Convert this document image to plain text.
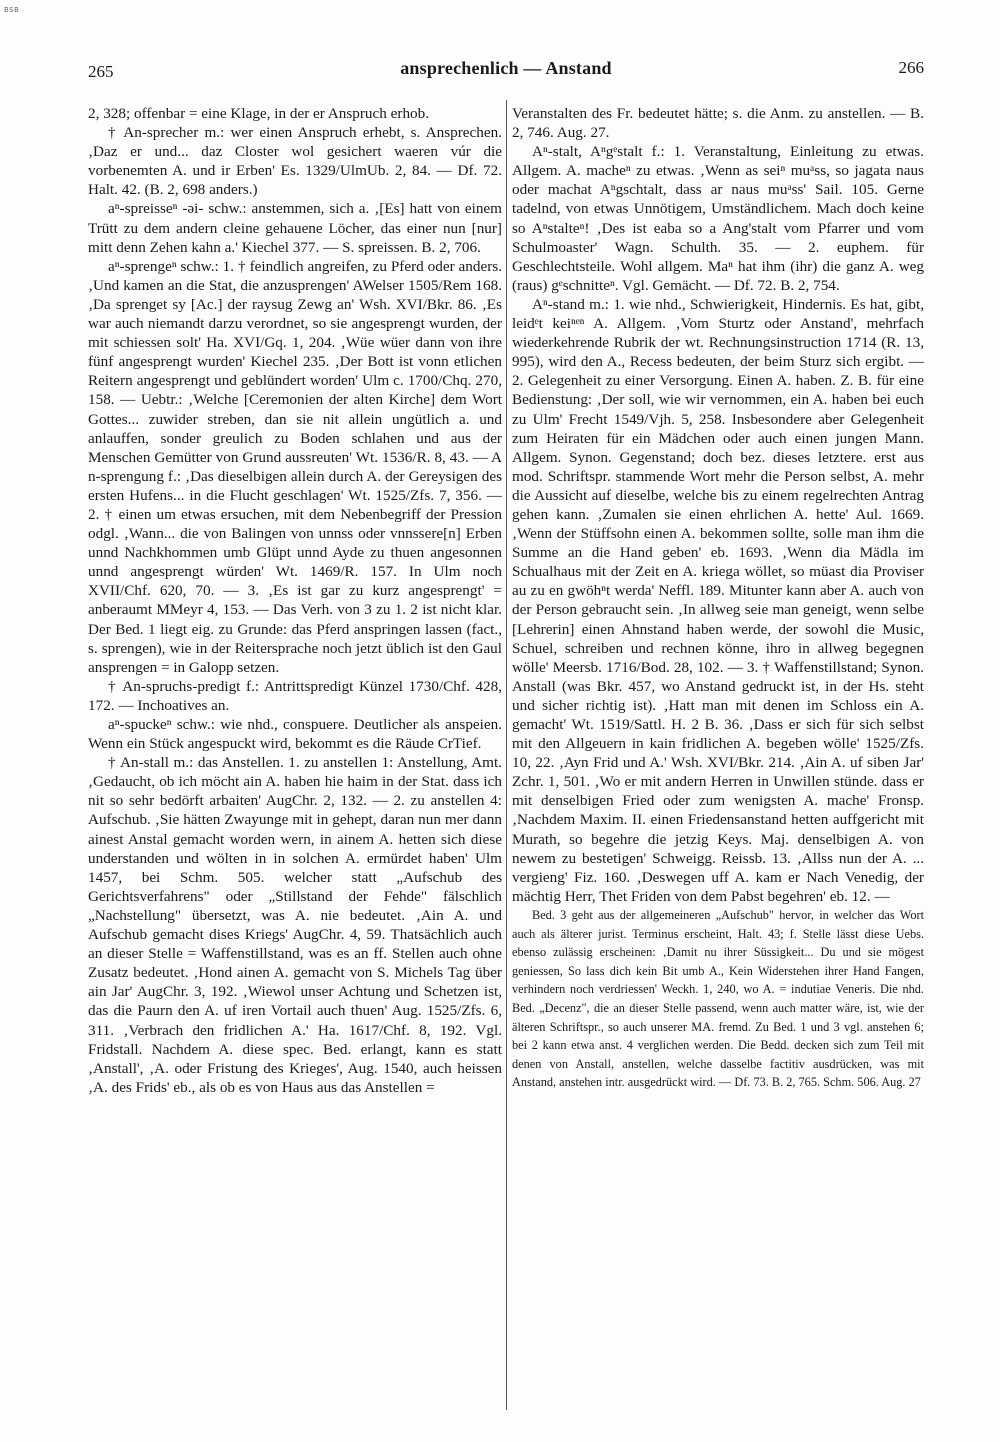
BSB
265	ansprechenlich — Anstand	266

2, 328; offenbar = eine Klage, in der er Anspruch erhob.

† An-sprecher m.: wer einen Anspruch erhebt, s. Ansprechen. ‚Daz er und... daz Closter wol gesichert waeren vúr die vorbenemten A. und ir Erben' Es. 1329/UlmUb. 2, 84. — Df. 72. Halt. 42. (B. 2, 698 anders.)

aⁿ-spreisseⁿ -əi- schw.: anstemmen, sich a. ‚[Es] hatt von einem Trütt zu dem andern cleine gehauene Löcher, das einer nun [nur] mitt denn Zehen kahn a.' Kiechel 377. — S. spreissen. B. 2, 706.

aⁿ-sprengeⁿ schw.: 1. † feindlich angreifen, zu Pferd oder anders. ‚Und kamen an die Stat, die anzusprengen' AWelser 1505/Rem 168. ‚Da sprenget sy [Ac.] der raysug Zewg an' Wsh. XVI/Bkr. 86. ‚Es war auch niemandt darzu verordnet, so sie angesprengt wurden, der mit schiessen solt' Ha. XVI/Gq. 1, 204. ‚Wüe wüer dann von ihre fünf angesprengt wurden' Kiechel 235. ‚Der Bott ist vonn etlichen Reitern angesprengt und geblündert worden' Ulm c. 1700/Chq. 270, 158. — Uebtr.: ‚Welche [Ceremonien der alten Kirche] dem Wort Gottes... zuwider streben, dan sie nit allein ungütlich a. und anlauffen, sonder greulich zu Boden schlahen und aus der Menschen Gemütter von Grund aussreuten' Wt. 1536/R. 8, 43. — A n-sprengung f.: ‚Das dieselbigen allein durch A. der Gereysigen des ersten Hufens... in die Flucht geschlagen' Wt. 1525/Zfs. 7, 356. — 2. † einen um etwas ersuchen, mit dem Nebenbegriff der Pression odgl. ‚Wann... die von Balingen von unnss oder vnnssere[n] Erben unnd Nachkhommen umb Glüpt unnd Ayde zu thuen angesonnen unnd angesprengt würden' Wt. 1469/R. 157. In Ulm noch XVII/Chf. 620, 70. — 3. ‚Es ist gar zu kurz angesprengt' = anberaumt MMeyr 4, 153. — Das Verh. von 3 zu 1. 2 ist nicht klar. Der Bed. 1 liegt eig. zu Grunde: das Pferd anspringen lassen (fact., s. sprengen), wie in der Reitersprache noch jetzt üblich ist den Gaul ansprengen = in Galopp setzen.

† An-spruchs-predigt f.: Antrittspredigt Künzel 1730/Chf. 428, 172. — Inchoatives an.

aⁿ-spuckeⁿ schw.: wie nhd., conspuere. Deutlicher als anspeien. Wenn ein Stück angespuckt wird, bekommt es die Räude CrTief.

† An-stall m.: das Anstellen. 1. zu anstellen 1: Anstellung, Amt. ‚Gedaucht, ob ich möcht ain A. haben hie haim in der Stat. dass ich nit so sehr bedörft arbaiten' AugChr. 2, 132. — 2. zu anstellen 4: Aufschub. ‚Sie hätten Zwayunge mit in gehept, daran nun mer dann ainest Anstal gemacht worden wern, in ainem A. hetten sich diese understanden und wölten in in solchen A. ermürdet haben' Ulm 1457, bei Schm. 505. welcher statt „Aufschub des Gerichtsverfahrens" oder „Stillstand der Fehde" fälschlich „Nachstellung" übersetzt, was A. nie bedeutet. ‚Ain A. und Aufschub gemacht dises Kriegs' AugChr. 4, 59. Thatsächlich auch an dieser Stelle = Waffenstillstand, was es an ff. Stellen auch ohne Zusatz bedeutet. ‚Hond ainen A. gemacht von S. Michels Tag über ain Jar' AugChr. 3, 192. ‚Wiewol unser Achtung und Schetzen ist, das die Paurn den A. uf iren Vortail auch thuen' Aug. 1525/Zfs. 6, 311. ‚Verbrach den fridlichen A.' Ha. 1617/Chf. 8, 192. Vgl. Fridstall. Nachdem A. diese spec. Bed. erlangt, kann es statt ‚Anstall', ‚A. oder Fristung des Krieges', Aug. 1540, auch heissen ‚A. des Frids' eb., als ob es von Haus aus das Anstellen =

Veranstalten des Fr. bedeutet hätte; s. die Anm. zu anstellen. — B. 2, 746. Aug. 27.

Aⁿ-stalt, Aⁿgᵉstalt f.: 1. Veranstaltung, Einleitung zu etwas. Allgem. A. macheⁿ zu etwas. ‚Wenn as seiⁿ muᵃss, so jagata naus oder machat Aⁿgschtalt, dass ar naus muᵃss' Sail. 105. Gerne tadelnd, von etwas Unnötigem, Umständlichem. Mach doch keine so Aⁿstalteⁿ! ‚Des ist eaba so a Ang'stalt vom Pfarrer und vom Schulmoaster' Wagn. Schulth. 35. — 2. euphem. für Geschlechtsteile. Wohl allgem. Maⁿ hat ihm (ihr) die ganz A. weg (raus) gᵉschnitteⁿ. Vgl. Gemächt. — Df. 72. B. 2, 754.

Aⁿ-stand m.: 1. wie nhd., Schwierigkeit, Hindernis. Es hat, gibt, leidᵉt keiⁿᵉⁿ A. Allgem. ‚Vom Sturtz oder Anstand', mehrfach wiederkehrende Rubrik der wt. Rechnungsinstruction 1714 (R. 13, 995), wird den A., Recess bedeuten, der beim Sturz sich ergibt. — 2. Gelegenheit zu einer Versorgung. Einen A. haben. Z. B. für eine Bedienstung: ‚Der soll, wie wir vernommen, ein A. haben bei euch zu Ulm' Frecht 1549/Vjh. 5, 258. Insbesondere aber Gelegenheit zum Heiraten für ein Mädchen oder auch einen jungen Mann. Allgem. Synon. Gegenstand; doch bez. dieses letztere. erst aus mod. Schriftspr. stammende Wort mehr die Person selbst, A. mehr die Aussicht auf dieselbe, welche bis zu einem regelrechten Antrag gehen kann. ‚Zumalen sie einen ehrlichen A. hette' Aul. 1669. ‚Wenn der Stüffsohn einen A. bekommen sollte, solle man ihm die Summe an die Hand geben' eb. 1693. ‚Wenn dia Mädla im Schualhaus mit der Zeit en A. kriega wöllet, so müast dia Proviser au zu en gwöhⁿt werda' Neffl. 189. Mitunter kann aber A. auch von der Person gebraucht sein. ‚In allweg seie man geneigt, wenn selbe [Lehrerin] einen Ahnstand haben werde, der sowohl die Music, Schuel, schreiben und rechnen könne, ihro in allweg begegnen wölle' Meersb. 1716/Bod. 28, 102. — 3. † Waffenstillstand; Synon. Anstall (was Bkr. 457, wo Anstand gedruckt ist, in der Hs. steht und sicher richtig ist). ‚Hatt man mit denen im Schloss ein A. gemacht' Wt. 1519/Sattl. H. 2 B. 36. ‚Dass er sich für sich selbst mit den Allgeuern in kain fridlichen A. begeben wölle' 1525/Zfs. 10, 22. ‚Ayn Frid und A.' Wsh. XVI/Bkr. 214. ‚Ain A. uf siben Jar' Zchr. 1, 501. ‚Wo er mit andern Herren in Unwillen stünde. dass er mit denselbigen Fried oder zum wenigsten A. mache' Fronsp. ‚Nachdem Maxim. II. einen Friedensanstand hetten auffgericht mit Murath, so begehre die jetzig Keys. Maj. denselbigen A. von newem zu bestetigen' Schweigg. Reissb. 13. ‚Allss nun der A. ... vergieng' Fiz. 160. ‚Deswegen uff A. kam er Nach Venedig, der mächtig Herr, Thet Friden von dem Pabst begehren' eb. 12. —

Bed. 3 geht aus der allgemeineren „Aufschub" hervor, in welcher das Wort auch als älterer jurist. Terminus erscheint, Halt. 43; f. Stelle lässt diese Uebs. ebenso zulässig erscheinen: ‚Damit nu ihrer Süssigkeit... Du und sie mögest geniessen, So lass dich kein Bit umb A., Kein Widerstehen ihrer Hand Fangen, verhindern noch verdriessen' Weckh. 1, 240, wo A. = indutiae Veneris. Die nhd. Bed. „Decenz", die an dieser Stelle passend, wenn auch matter wäre, ist, wie der älteren Schriftspr., so auch unserer MA. fremd. Zu Bed. 1 und 3 vgl. anstehen 6; bei 2 kann etwa anst. 4 verglichen werden. Die Bedd. decken sich zum Teil mit denen von Anstall, anstellen, welche dasselbe factitiv ausdrücken, was mit Anstand, anstehen intr. ausgedrückt wird. — Df. 73. B. 2, 765. Schm. 506. Aug. 27
